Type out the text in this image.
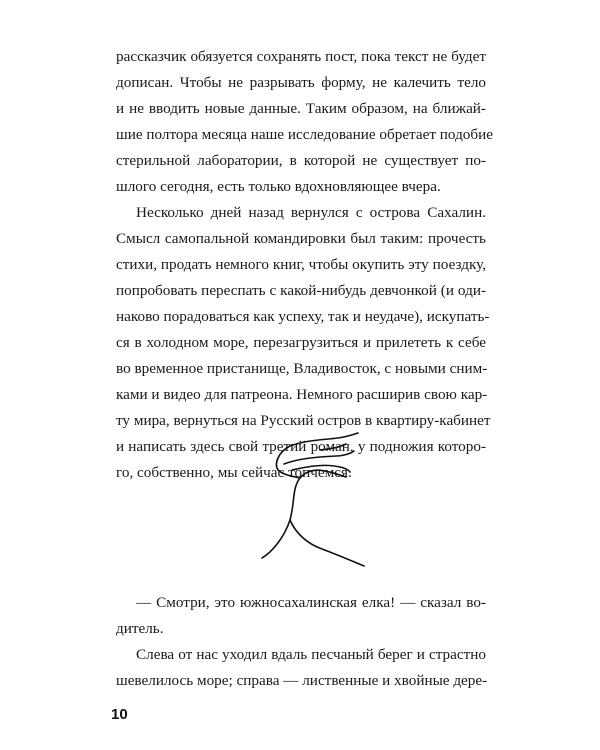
рассказчик обязуется сохранять пост, пока текст не будет
дописан. Чтобы не разрывать форму, не калечить тело
и не вводить новые данные. Таким образом, на ближай-
шие полтора месяца наше исследование обретает подобие
стерильной лаборатории, в которой не существует по-
шлого сегодня, есть только вдохновляющее вчера.
Несколько дней назад вернулся с острова Сахалин.
Смысл самопальной командировки был таким: прочесть
стихи, продать немного книг, чтобы окупить эту поездку,
попробовать переспать с какой-нибудь девчонкой (и оди-
наково порадоваться как успеху, так и неудаче), искупать-
ся в холодном море, перезагрузиться и прилететь к себе
во временное пристанище, Владивосток, с новыми сним-
ками и видео для патреона. Немного расширив свою кар-
ту мира, вернуться на Русский остров в квартиру-кабинет
и написать здесь свой третий роман, у подножия которо-
го, собственно, мы сейчас топчемся.
— Смотри, это южносахалинская елка! — сказал во-
дитель.
Слева от нас уходил вдаль песчаный берег и страстно
шевелилось море; справа — лиственные и хвойные дере-
10
